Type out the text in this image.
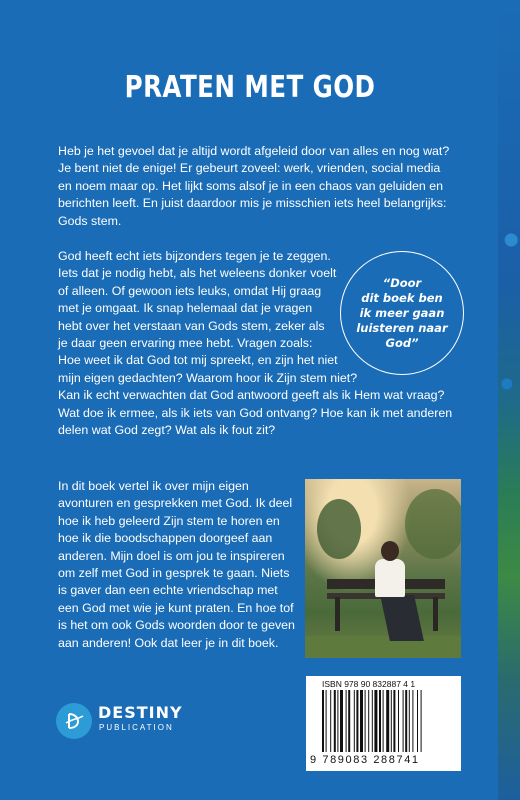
PRATEN MET GOD

Heb je het gevoel dat je altijd wordt afgeleid door van alles en nog wat?
Je bent niet de enige! Er gebeurt zoveel: werk, vrienden, social media
en noem maar op. Het lijkt soms alsof je in een chaos van geluiden en
berichten leeft. En juist daardoor mis je misschien iets heel belangrijks:
Gods stem.

God heeft echt iets bijzonders tegen je te zeggen.
Iets dat je nodig hebt, als het weleens donker voelt
of alleen. Of gewoon iets leuks, omdat Hij graag
met je omgaat. Ik snap helemaal dat je vragen
hebt over het verstaan van Gods stem, zeker als
je daar geen ervaring mee hebt. Vragen zoals:
Hoe weet ik dat God tot mij spreekt, en zijn het niet
mijn eigen gedachten? Waarom hoor ik Zijn stem niet?
Kan ik echt verwachten dat God antwoord geeft als ik Hem wat vraag?
Wat doe ik ermee, als ik iets van God ontvang? Hoe kan ik met anderen
delen wat God zegt? Wat als ik fout zit?

“Door
dit boek ben
ik meer gaan
luisteren naar
God”

In dit boek vertel ik over mijn eigen
avonturen en gesprekken met God. Ik deel
hoe ik heb geleerd Zijn stem te horen en
hoe ik die boodschappen doorgeef aan
anderen. Mijn doel is om jou te inspireren
om zelf met God in gesprek te gaan. Niets
is gaver dan een echte vriendschap met
een God met wie je kunt praten. En hoe tof
is het om ook Gods woorden door te geven
aan anderen! Ook dat leer je in dit boek.

DESTINY
PUBLICATION
ISBN 978 90 832887 4 1
9 789083 288741
